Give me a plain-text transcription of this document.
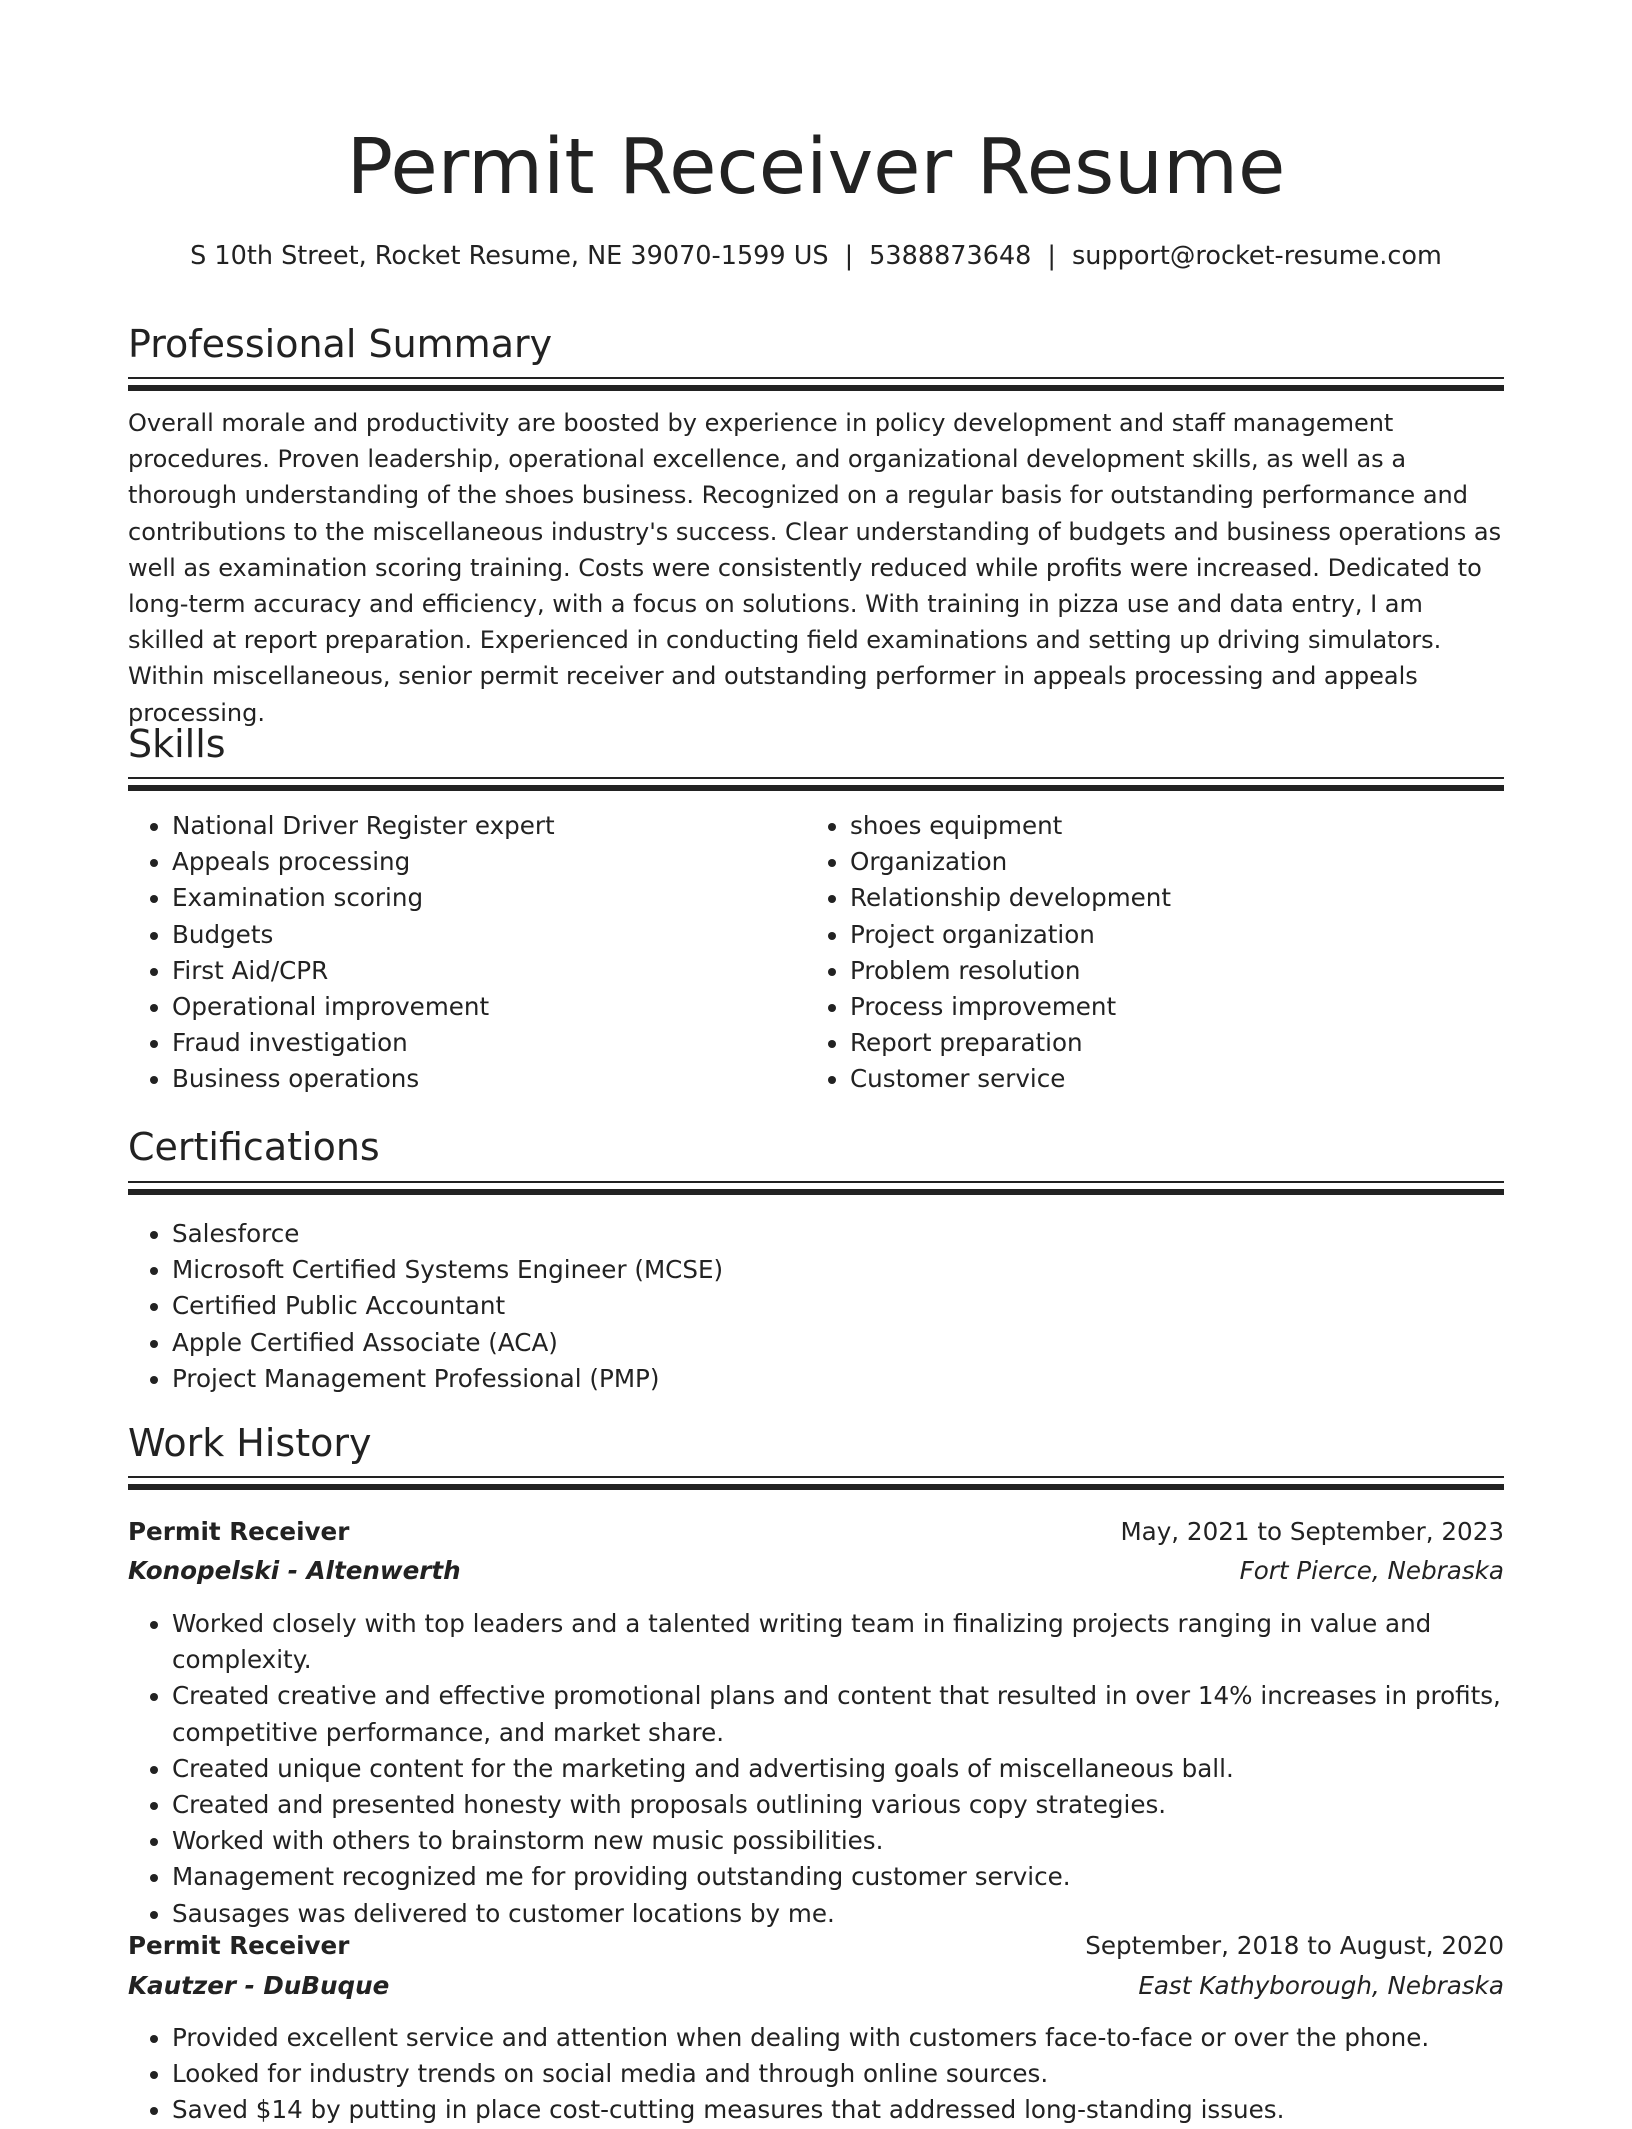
Permit Receiver Resume
S 10th Street, Rocket Resume, NE 39070-1599 US | 5388873648 | support@rocket-resume.com
Professional Summary

Overall morale and productivity are boosted by experience in policy development and staff management procedures. Proven leadership, operational excellence, and organizational development skills, as well as a thorough understanding of the shoes business. Recognized on a regular basis for outstanding performance and contributions to the miscellaneous industry's success. Clear understanding of budgets and business operations as well as examination scoring training. Costs were consistently reduced while profits were increased. Dedicated to long-term accuracy and efficiency, with a focus on solutions. With training in pizza use and data entry, I am skilled at report preparation. Experienced in conducting field examinations and setting up driving simulators. Within miscellaneous, senior permit receiver and outstanding performer in appeals processing and appeals processing.

Skills
• National Driver Register expert
• Appeals processing
• Examination scoring
• Budgets
• First Aid/CPR
• Operational improvement
• Fraud investigation
• Business operations
• shoes equipment
• Organization
• Relationship development
• Project organization
• Problem resolution
• Process improvement
• Report preparation
• Customer service
Certifications
• Salesforce
• Microsoft Certified Systems Engineer (MCSE)
• Certified Public Accountant
• Apple Certified Associate (ACA)
• Project Management Professional (PMP)
Work History
Permit Receiver	May, 2021 to September, 2023
Konopelski - Altenwerth	Fort Pierce, Nebraska
• Worked closely with top leaders and a talented writing team in finalizing projects ranging in value and complexity.
• Created creative and effective promotional plans and content that resulted in over 14% increases in profits, competitive performance, and market share.
• Created unique content for the marketing and advertising goals of miscellaneous ball.
• Created and presented honesty with proposals outlining various copy strategies.
• Worked with others to brainstorm new music possibilities.
• Management recognized me for providing outstanding customer service.
• Sausages was delivered to customer locations by me.
Permit Receiver	September, 2018 to August, 2020
Kautzer - DuBuque	East Kathyborough, Nebraska
• Provided excellent service and attention when dealing with customers face-to-face or over the phone.
• Looked for industry trends on social media and through online sources.
• Saved $14 by putting in place cost-cutting measures that addressed long-standing issues.
